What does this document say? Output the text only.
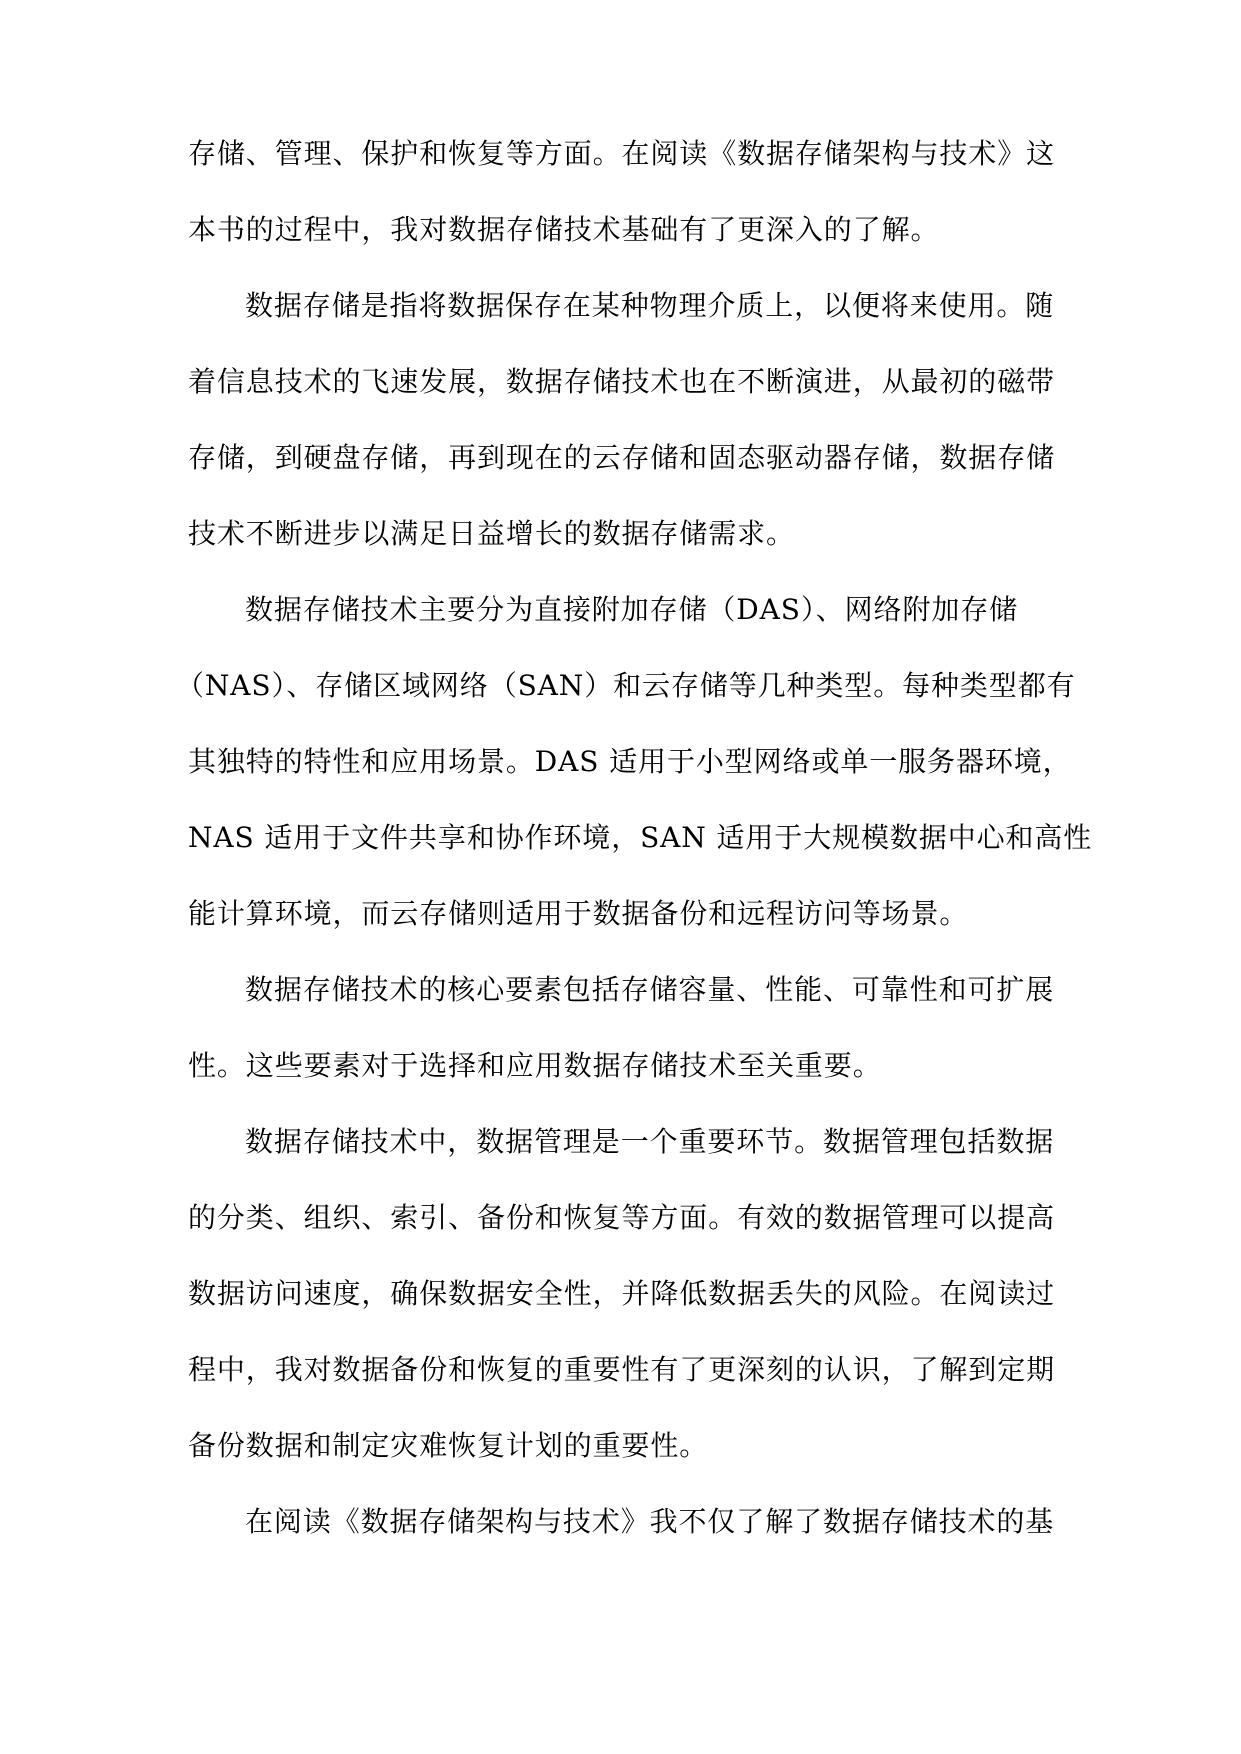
存储、管理、保护和恢复等方面。在阅读《数据存储架构与技术》这
本书的过程中，我对数据存储技术基础有了更深入的了解。
数据存储是指将数据保存在某种物理介质上，以便将来使用。随
着信息技术的飞速发展，数据存储技术也在不断演进，从最初的磁带
存储，到硬盘存储，再到现在的云存储和固态驱动器存储，数据存储
技术不断进步以满足日益增长的数据存储需求。
数据存储技术主要分为直接附加存储（DAS）、网络附加存储
（NAS）、存储区域网络（SAN）和云存储等几种类型。每种类型都有
其独特的特性和应用场景。DAS 适用于小型网络或单一服务器环境，
NAS 适用于文件共享和协作环境，SAN 适用于大规模数据中心和高性
能计算环境，而云存储则适用于数据备份和远程访问等场景。
数据存储技术的核心要素包括存储容量、性能、可靠性和可扩展
性。这些要素对于选择和应用数据存储技术至关重要。
数据存储技术中，数据管理是一个重要环节。数据管理包括数据
的分类、组织、索引、备份和恢复等方面。有效的数据管理可以提高
数据访问速度，确保数据安全性，并降低数据丢失的风险。在阅读过
程中，我对数据备份和恢复的重要性有了更深刻的认识，了解到定期
备份数据和制定灾难恢复计划的重要性。
在阅读《数据存储架构与技术》我不仅了解了数据存储技术的基
